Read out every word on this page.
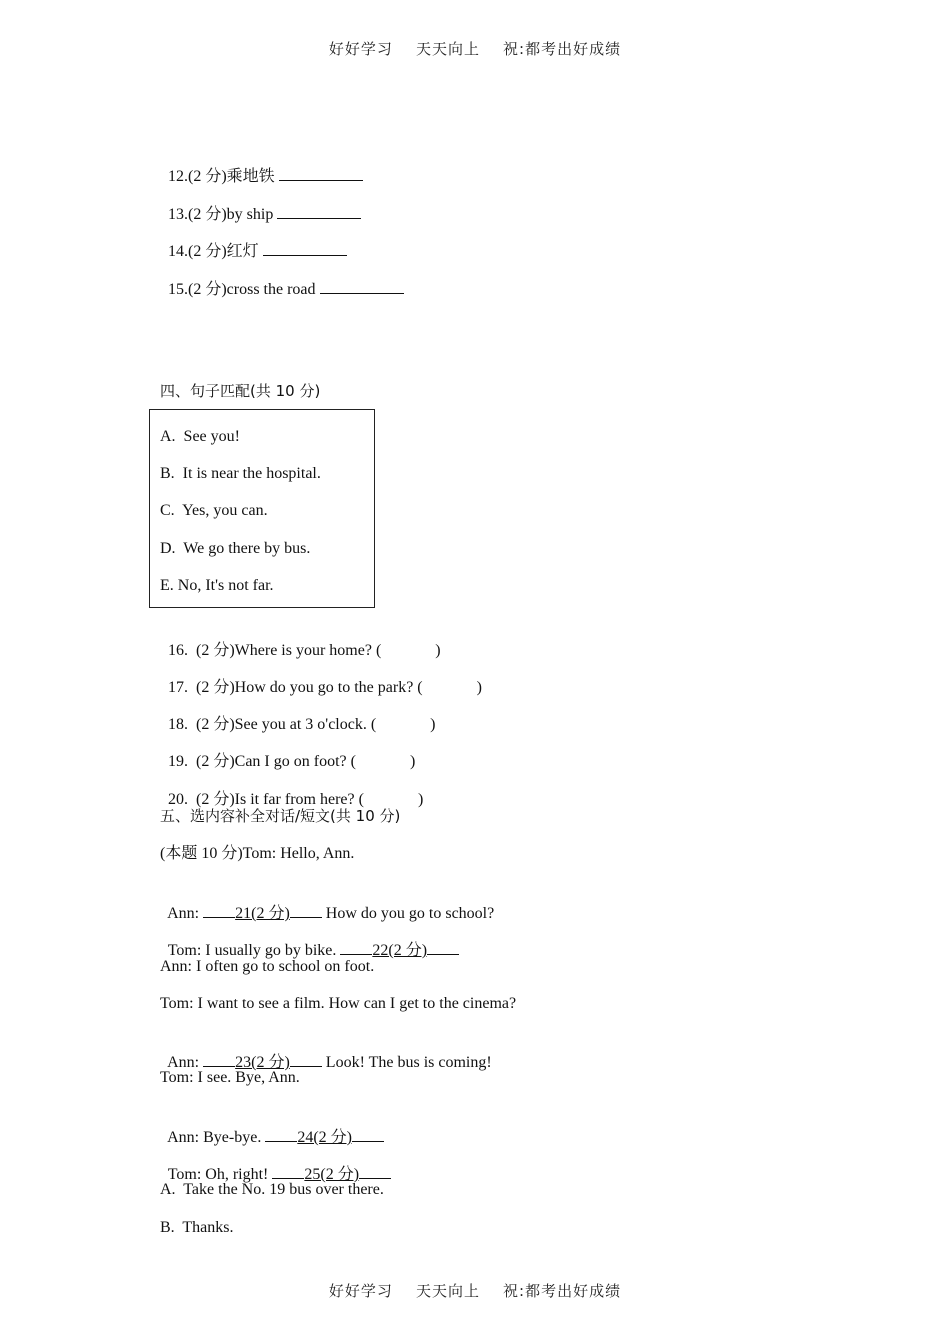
好好学习    天天向上    祝:都考出好成绩

12.(2 分)乘地铁

13.(2 分)by ship

14.(2 分)红灯

15.(2 分)cross the road

四、句子匹配(共 10 分)
A.  See you!
B.  It is near the hospital.
C.  Yes, you can.
D.  We go there by bus.
E. No, It's not far.

16.  (2 分)Where is your home? (	)

17.  (2 分)How do you go to the park? (	)

18.  (2 分)See you at 3 o'clock. (	)

19.  (2 分)Can I go on foot? (	)

20.  (2 分)Is it far from here? (	)

五、选内容补全对话/短文(共 10 分)
(本题 10 分)Tom: Hello, Ann.

Ann: 21(2 分) How do you go to school?

Tom: I usually go by bike. 22(2 分)

Ann: I often go to school on foot.
Tom: I want to see a film. How can I get to the cinema?

Ann: 23(2 分) Look! The bus is coming!

Tom: I see. Bye, Ann.

Ann: Bye-bye. 24(2 分)

Tom: Oh, right! 25(2 分)

A.  Take the No. 19 bus over there.
B.  Thanks.
好好学习    天天向上    祝:都考出好成绩
